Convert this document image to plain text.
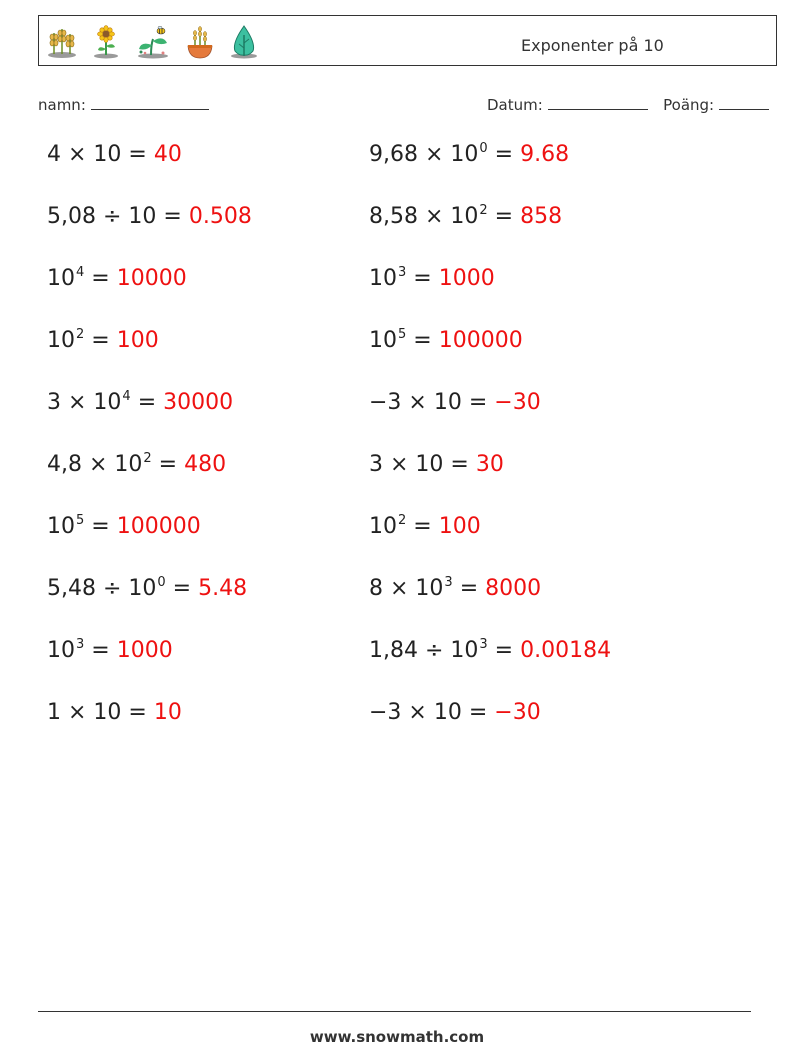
Exponenter på 10
namn:	Datum:	Poäng:
4 × 10 = 40	$9,68 \times 10^0 = 9.68$
5,08 ÷ 10 = 0.508	$8,58 \times 10^2 = 858$
$10^4 = 10000$	$10^3 = 1000$
$10^2 = 100$	$10^5 = 100000$
$3 \times 10^4 = 30000$	−3 × 10 = −30
$4,8 \times 10^2 = 480$	3 × 10 = 30
$10^5 = 100000$	$10^2 = 100$
$5,48 \div 10^0 = 5.48$	$8 \times 10^3 = 8000$
$10^3 = 1000$	$1,84 \div 10^3 = 0.00184$
1 × 10 = 10	−3 × 10 = −30
www.snowmath.com
